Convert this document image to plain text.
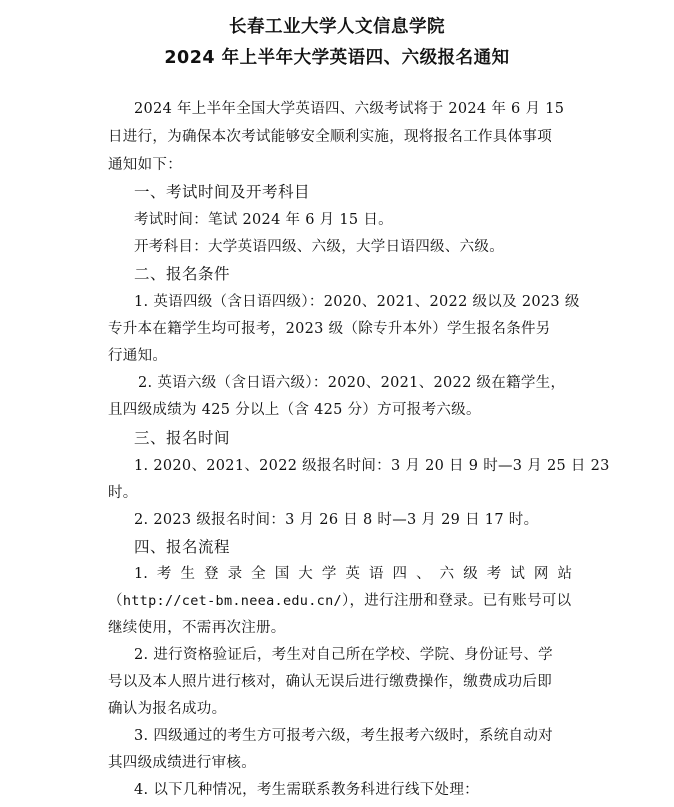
长春工业大学人文信息学院
2024 年上半年大学英语四、六级报名通知
2024 年上半年全国大学英语四、六级考试将于 2024 年 6 月 15
日进行，为确保本次考试能够安全顺利实施，现将报名工作具体事项
通知如下：
一、考试时间及开考科目
考试时间：笔试 2024 年 6 月 15 日。
开考科目：大学英语四级、六级，大学日语四级、六级。
二、报名条件
1. 英语四级（含日语四级）：2020、2021、2022 级以及 2023 级
专升本在籍学生均可报考，2023 级（除专升本外）学生报名条件另
行通知。
2. 英语六级（含日语六级）：2020、2021、2022 级在籍学生，
且四级成绩为 425 分以上（含 425 分）方可报考六级。
三、报名时间
1. 2020、2021、2022 级报名时间：3 月 20 日 9 时—3 月 25 日 23
时。
2. 2023 级报名时间：3 月 26 日 8 时—3 月 29 日 17 时。
四、报名流程
1. 考 生 登 录 全 国 大 学 英 语 四 、 六 级 考 试 网 站
（http://cet-bm.neea.edu.cn/），进行注册和登录。已有账号可以
继续使用，不需再次注册。
2. 进行资格验证后，考生对自己所在学校、学院、身份证号、学
号以及本人照片进行核对，确认无误后进行缴费操作，缴费成功后即
确认为报名成功。
3. 四级通过的考生方可报考六级，考生报考六级时，系统自动对
其四级成绩进行审核。
4. 以下几种情况，考生需联系教务科进行线下处理：
